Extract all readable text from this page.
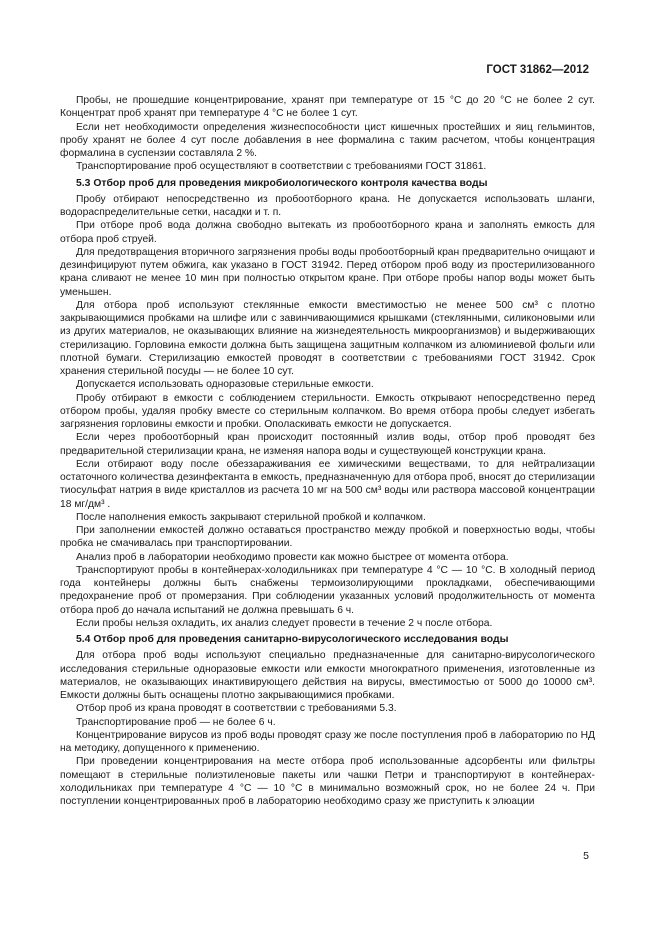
ГОСТ 31862—2012

Пробы, не прошедшие концентрирование, хранят при температуре от 15 °С до 20 °С не более 2 сут. Концентрат проб хранят при температуре 4 °С не более 1 сут.

Если нет необходимости определения жизнеспособности цист кишечных простейших и яиц гельминтов, пробу хранят не более 4 сут после добавления в нее формалина с таким расчетом, чтобы концентрация формалина в суспензии составляла 2 %.

Транспортирование проб осуществляют в соответствии с требованиями ГОСТ 31861.

5.3 Отбор проб для проведения микробиологического контроля качества воды

Пробу отбирают непосредственно из пробоотборного крана. Не допускается использовать шланги, водораспределительные сетки, насадки и т. п.

При отборе проб вода должна свободно вытекать из пробоотборного крана и заполнять емкость для отбора проб струей.

Для предотвращения вторичного загрязнения пробы воды пробоотборный кран предварительно очищают и дезинфицируют путем обжига, как указано в ГОСТ 31942. Перед отбором проб воду из простерилизованного крана сливают не менее 10 мин при полностью открытом кране. При отборе пробы напор воды может быть уменьшен.

Для отбора проб используют стеклянные емкости вместимостью не менее 500 см³ с плотно закрывающимися пробками на шлифе или с завинчивающимися крышками (стеклянными, силиконовыми или из других материалов, не оказывающих влияние на жизнедеятельность микроорганизмов) и выдерживающих стерилизацию. Горловина емкости должна быть защищена защитным колпачком из алюминиевой фольги или плотной бумаги. Стерилизацию емкостей проводят в соответствии с требованиями ГОСТ 31942. Срок хранения стерильной посуды — не более 10 сут.

Допускается использовать одноразовые стерильные емкости.

Пробу отбирают в емкости с соблюдением стерильности. Емкость открывают непосредственно перед отбором пробы, удаляя пробку вместе со стерильным колпачком. Во время отбора пробы следует избегать загрязнения горловины емкости и пробки. Ополаскивать емкости не допускается.

Если через пробоотборный кран происходит постоянный излив воды, отбор проб проводят без предварительной стерилизации крана, не изменяя напора воды и существующей конструкции крана.

Если отбирают воду после обеззараживания ее химическими веществами, то для нейтрализации остаточного количества дезинфектанта в емкость, предназначенную для отбора проб, вносят до стерилизации тиосульфат натрия в виде кристаллов из расчета 10 мг на 500 см³ воды или раствора массовой концентрации 18 мг/дм³ .

После наполнения емкость закрывают стерильной пробкой и колпачком.

При заполнении емкостей должно оставаться пространство между пробкой и поверхностью воды, чтобы пробка не смачивалась при транспортировании.

Анализ проб в лаборатории необходимо провести как можно быстрее от момента отбора.

Транспортируют пробы в контейнерах-холодильниках при температуре 4 °С — 10 °С. В холодный период года контейнеры должны быть снабжены термоизолирующими прокладками, обеспечивающими предохранение проб от промерзания. При соблюдении указанных условий продолжительность от момента отбора проб до начала испытаний не должна превышать 6 ч.

Если пробы нельзя охладить, их анализ следует провести в течение 2 ч после отбора.

5.4 Отбор проб для проведения санитарно-вирусологического исследования воды

Для отбора проб воды используют специально предназначенные для санитарно-вирусологического исследования стерильные одноразовые емкости или емкости многократного применения, изготовленные из материалов, не оказывающих инактивирующего действия на вирусы, вместимостью от 5000 до 10000 см³. Емкости должны быть оснащены плотно закрывающимися пробками.

Отбор проб из крана проводят в соответствии с требованиями 5.3.

Транспортирование проб — не более 6 ч.

Концентрирование вирусов из проб воды проводят сразу же после поступления проб в лабораторию по НД на методику, допущенного к применению.

При проведении концентрирования на месте отбора проб использованные адсорбенты или фильтры помещают в стерильные полиэтиленовые пакеты или чашки Петри и транспортируют в контейнерах-холодильниках при температуре 4 °С — 10 °С в минимально возможный срок, но не более 24 ч. При поступлении концентрированных проб в лабораторию необходимо сразу же приступить к элюации

5
